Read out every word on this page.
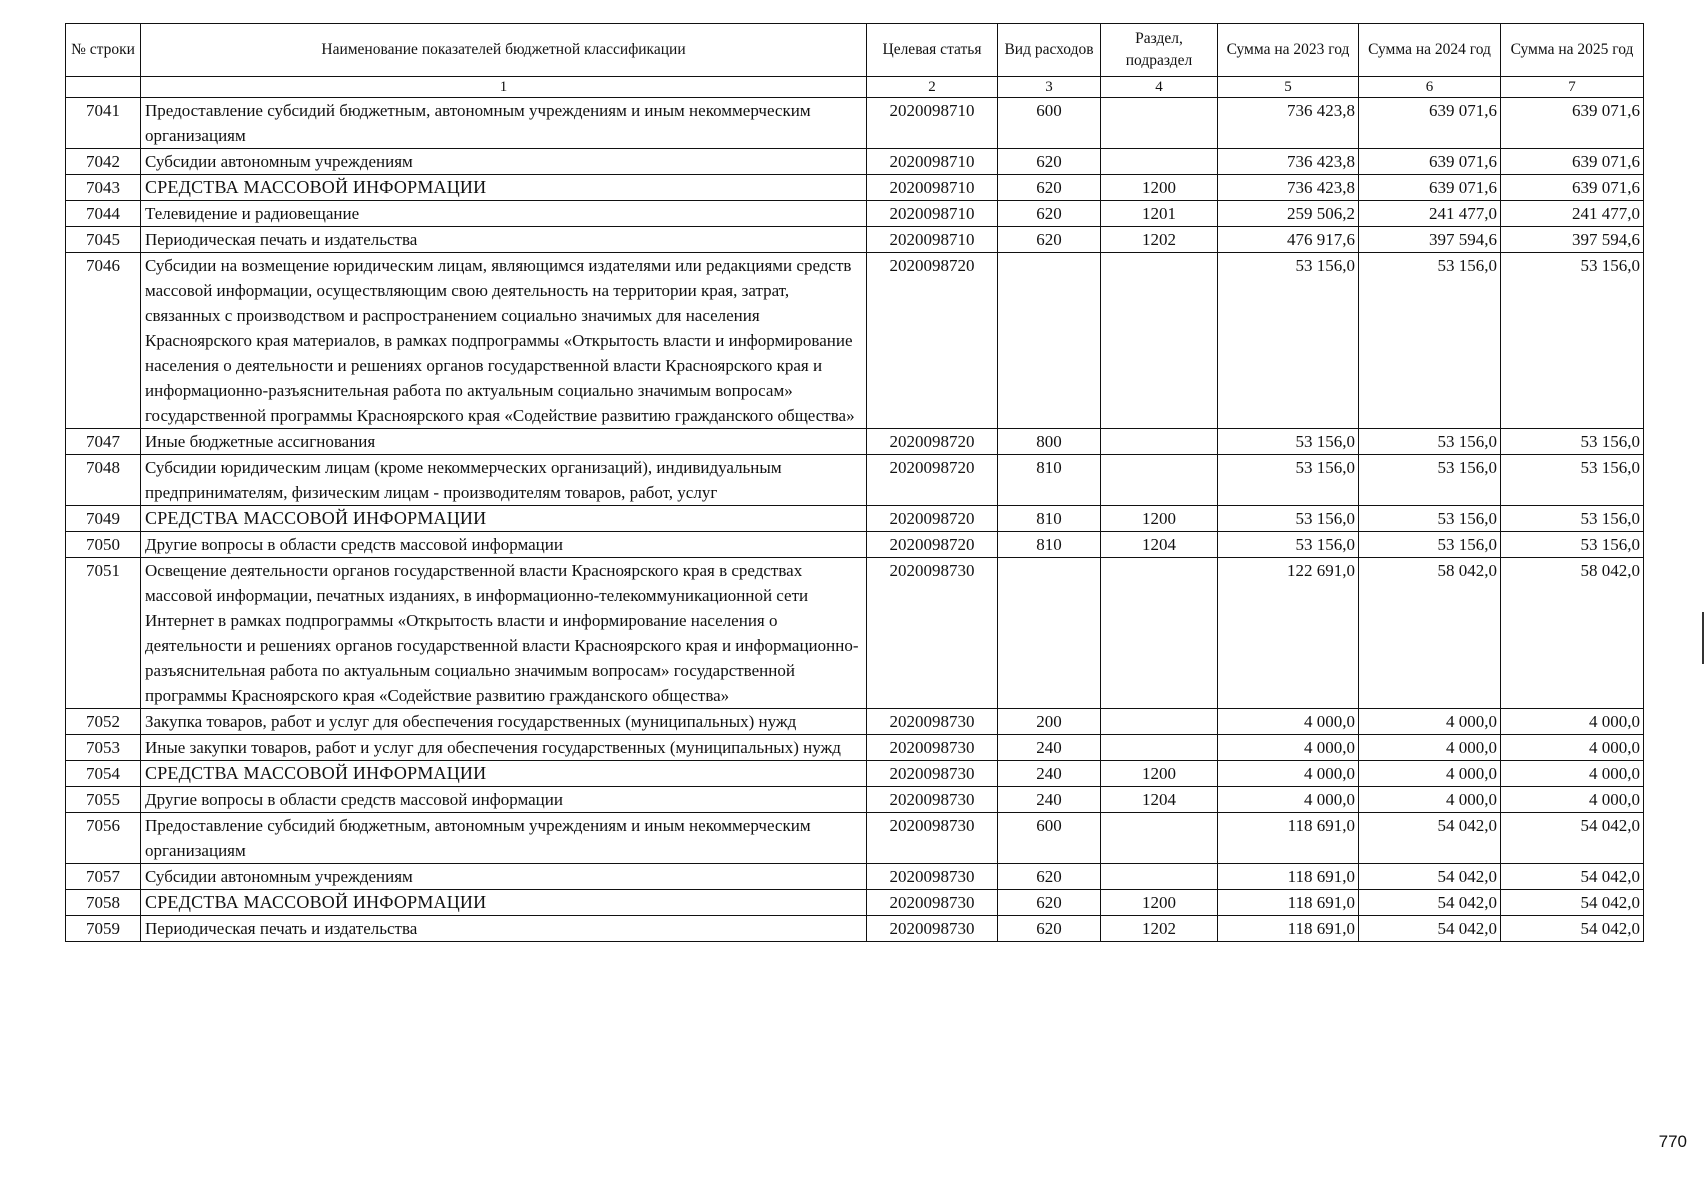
№ строки	Наименование показателей бюджетной классификации	Целевая статья	Вид расходов	Раздел, подраздел	Сумма на 2023 год	Сумма на 2024 год	Сумма на 2025 год
	1	2	3	4	5	6	7
7041	Предоставление субсидий бюджетным, автономным учреждениям и иным некоммерческим организациям	2020098710	600		736 423,8	639 071,6	639 071,6
7042	Субсидии автономным учреждениям	2020098710	620		736 423,8	639 071,6	639 071,6
7043	СРЕДСТВА МАССОВОЙ ИНФОРМАЦИИ	2020098710	620	1200	736 423,8	639 071,6	639 071,6
7044	Телевидение и радиовещание	2020098710	620	1201	259 506,2	241 477,0	241 477,0
7045	Периодическая печать и издательства	2020098710	620	1202	476 917,6	397 594,6	397 594,6
7046	Субсидии на возмещение юридическим лицам, являющимся издателями или редакциями средств массовой информации, осуществляющим свою деятельность на территории края, затрат, связанных с производством и распространением социально значимых для населения Красноярского края материалов, в рамках подпрограммы «Открытость власти и информирование населения о деятельности и решениях органов государственной власти Красноярского края и информационно-разъяснительная работа по актуальным социально значимым вопросам» государственной программы Красноярского края «Содействие развитию гражданского общества»	2020098720			53 156,0	53 156,0	53 156,0
7047	Иные бюджетные ассигнования	2020098720	800		53 156,0	53 156,0	53 156,0
7048	Субсидии юридическим лицам (кроме некоммерческих организаций), индивидуальным предпринимателям, физическим лицам - производителям товаров, работ, услуг	2020098720	810		53 156,0	53 156,0	53 156,0
7049	СРЕДСТВА МАССОВОЙ ИНФОРМАЦИИ	2020098720	810	1200	53 156,0	53 156,0	53 156,0
7050	Другие вопросы в области средств массовой информации	2020098720	810	1204	53 156,0	53 156,0	53 156,0
7051	Освещение деятельности органов государственной власти Красноярского края в средствах массовой информации, печатных изданиях, в информационно-телекоммуникационной сети Интернет в рамках подпрограммы «Открытость власти и информирование населения о деятельности и решениях органов государственной власти Красноярского края и информационно-разъяснительная работа по актуальным социально значимым вопросам» государственной программы Красноярского края «Содействие развитию гражданского общества»	2020098730			122 691,0	58 042,0	58 042,0
7052	Закупка товаров, работ и услуг для обеспечения государственных (муниципальных) нужд	2020098730	200		4 000,0	4 000,0	4 000,0
7053	Иные закупки товаров, работ и услуг для обеспечения государственных (муниципальных) нужд	2020098730	240		4 000,0	4 000,0	4 000,0
7054	СРЕДСТВА МАССОВОЙ ИНФОРМАЦИИ	2020098730	240	1200	4 000,0	4 000,0	4 000,0
7055	Другие вопросы в области средств массовой информации	2020098730	240	1204	4 000,0	4 000,0	4 000,0
7056	Предоставление субсидий бюджетным, автономным учреждениям и иным некоммерческим организациям	2020098730	600		118 691,0	54 042,0	54 042,0
7057	Субсидии автономным учреждениям	2020098730	620		118 691,0	54 042,0	54 042,0
7058	СРЕДСТВА МАССОВОЙ ИНФОРМАЦИИ	2020098730	620	1200	118 691,0	54 042,0	54 042,0
7059	Периодическая печать и издательства	2020098730	620	1202	118 691,0	54 042,0	54 042,0
770
